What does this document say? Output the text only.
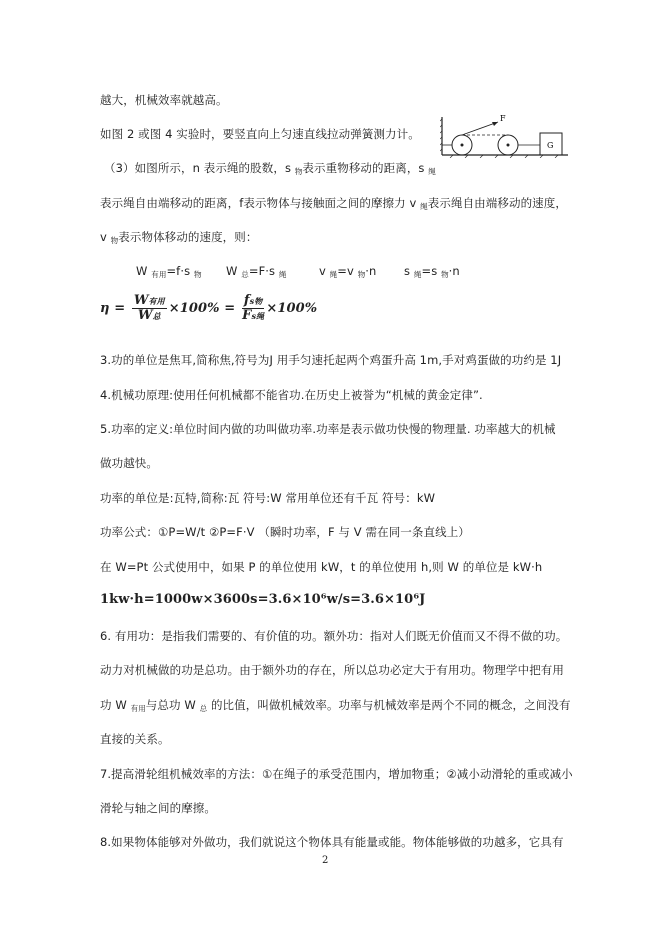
越大，机械效率就越高。
如图 2 或图 4 实验时，要竖直向上匀速直线拉动弹簧测力计。
F
G
（3）如图所示，n 表示绳的股数，s $_物$表示重物移动的距离，s $_绳$
表示绳自由端移动的距离，f表示物体与接触面之间的摩擦力 v $_绳$表示绳自由端移动的速度，
v $_物$表示物体移动的速度，则：
W $_{有用}$=f·s $_物$ W $_总$=F·s $_绳$	v $_绳$=v $_物$·n s $_绳$=s $_物$·n
$\eta = \frac{\text{W有用}}{\text{W总}} \times 100\% = \frac{\text{fs物}}{\text{Fs绳}} \times 100\%$
3.功的单位是焦耳,简称焦,符号为J 用手匀速托起两个鸡蛋升高 1m,手对鸡蛋做的功约是 1J
4.机械功原理:使用任何机械都不能省功.在历史上被誉为“机械的黄金定律”.
5.功率的定义:单位时间内做的功叫做功率.功率是表示做功快慢的物理量. 功率越大的机械
做功越快。
功率的单位是:瓦特,简称:瓦 符号:W 常用单位还有千瓦 符号：kW
功率公式：①P=W/t ②P=F·V （瞬时功率，F 与 V 需在同一条直线上）
在 W=Pt 公式使用中，如果 P 的单位使用 kW，t 的单位使用 h,则 W 的单位是 kW·h
1kw·h=1000w×3600s=3.6×10⁶w/s=3.6×10⁶J
6. 有用功：是指我们需要的、有价值的功。额外功：指对人们既无价值而又不得不做的功。
动力对机械做的功是总功。由于额外功的存在，所以总功必定大于有用功。物理学中把有用
功 W $_{有用}$与总功 W $_总$ 的比值，叫做机械效率。功率与机械效率是两个不同的概念，之间没有
直接的关系。
7.提高滑轮组机械效率的方法：①在绳子的承受范围内，增加物重；②减小动滑轮的重或减小
滑轮与轴之间的摩擦。
8.如果物体能够对外做功，我们就说这个物体具有能量或能。物体能够做的功越多，它具有
2
